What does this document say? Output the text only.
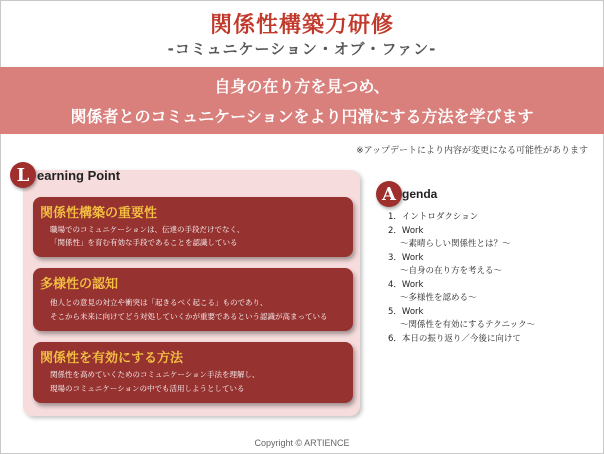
関係性構築力研修
-コミュニケーション・オブ・ファン-
自身の在り方を見つめ、
関係者とのコミュニケーションをより円滑にする方法を学びます
※アップデートにより内容が変更になる可能性があります
L earning Point
関係性構築の重要性
職場でのコミュニケーションは、伝達の手段だけでなく、
「関係性」を育む有効な手段であることを認識している
多様性の認知
他人との意見の対立や衝突は「起きるべく起こる」ものであり、
そこから未来に向けてどう対処していくかが重要であるという認識が高まっている
関係性を有効にする方法
関係性を高めていくためのコミュニケーション手法を理解し、
現場のコミュニケーションの中でも活用しようとしている
A genda
1．イントロダクション
2．Work
～素晴らしい関係性とは？～
3．Work
～自身の在り方を考える～
4．Work
～多様性を認める～
5．Work
～関係性を有効にするテクニック～
6．本日の振り返り／今後に向けて
Copyright © ARTIENCE
